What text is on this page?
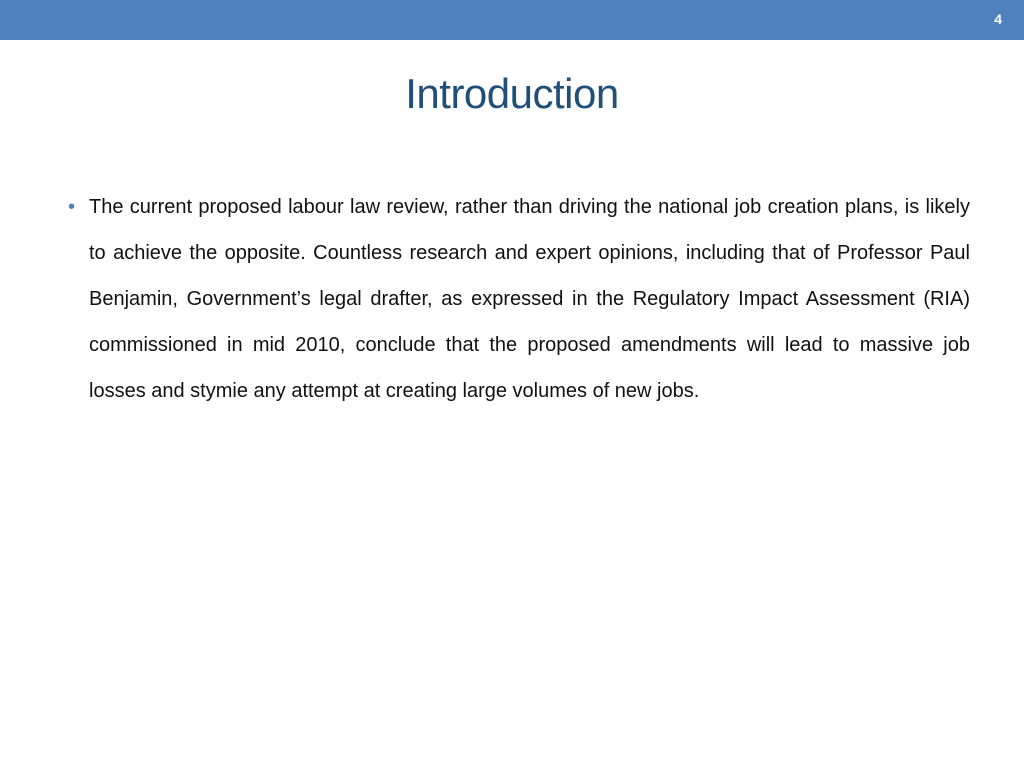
4
Introduction
• The current proposed labour law review, rather than driving the national job creation plans, is likely to achieve the opposite. Countless research and expert opinions, including that of Professor Paul Benjamin, Government’s legal drafter, as expressed in the Regulatory Impact Assessment (RIA) commissioned in mid 2010, conclude that the proposed amendments will lead to massive job losses and stymie any attempt at creating large volumes of new jobs.
